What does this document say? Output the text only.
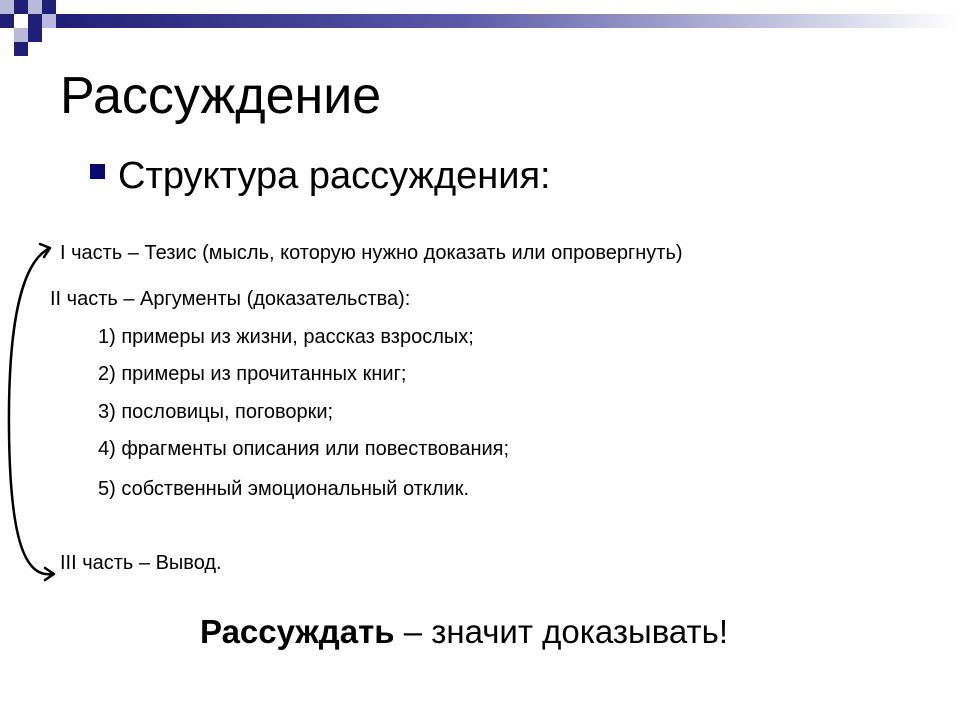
Рассуждение
Структура рассуждения:
I часть – Тезис (мысль, которую нужно доказать или опровергнуть)
II часть – Аргументы (доказательства):
1) примеры из жизни, рассказ взрослых;
2) примеры из прочитанных книг;
3) пословицы, поговорки;
4) фрагменты описания или повествования;
5) собственный эмоциональный отклик.
III часть – Вывод.
Рассуждать – значит доказывать!
